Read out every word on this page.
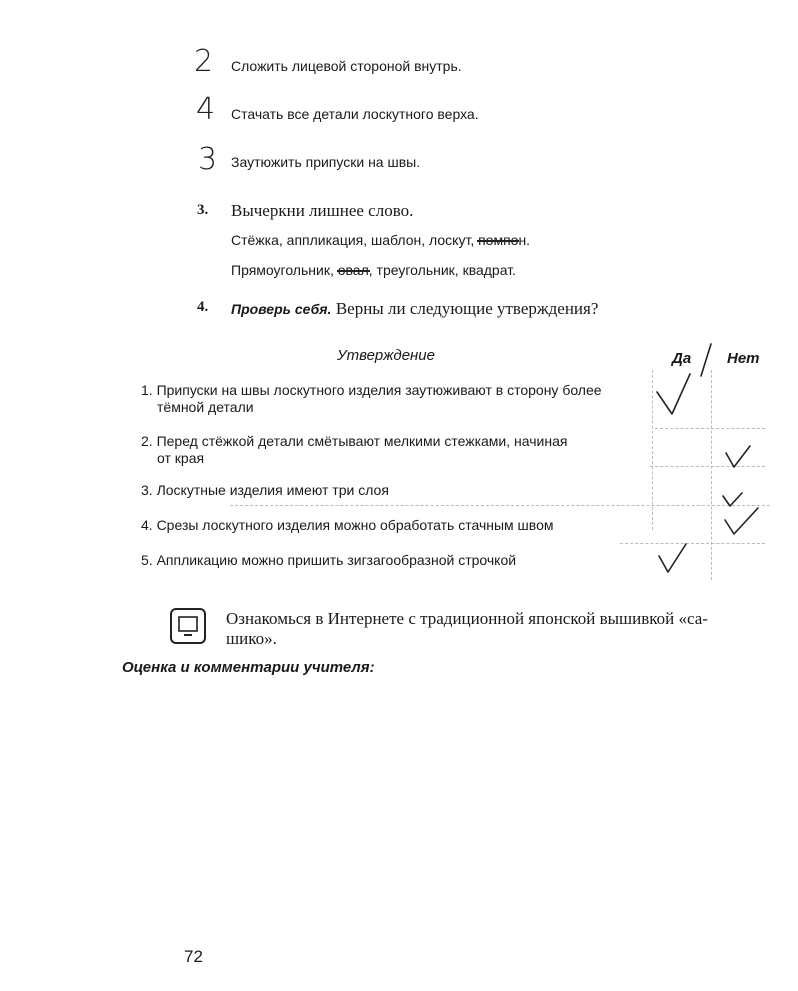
2 Сложить лицевой стороной внутрь.
4 Стачать все детали лоскутного верха.
3 Заутюжить припуски на швы.
3. Вычеркни лишнее слово.
Стёжка, аппликация, шаблон, лоскут, помпон.
Прямоугольник, овал, треугольник, квадрат.
4. Проверь себя. Верны ли следующие утверждения?
Утверждение	Да Нет
1. Припуски на швы лоскутного изделия заутюживают в сторону более
тёмной детали
2. Перед стёжкой детали смётывают мелкими стежками, начиная
от края
3. Лоскутные изделия имеют три слоя
4. Срезы лоскутного изделия можно обработать стачным швом
5. Аппликацию можно пришить зигзагообразной строчкой
Ознакомься в Интернете с традиционной японской вышивкой «са-
шико».
Оценка и комментарии учителя:
72
